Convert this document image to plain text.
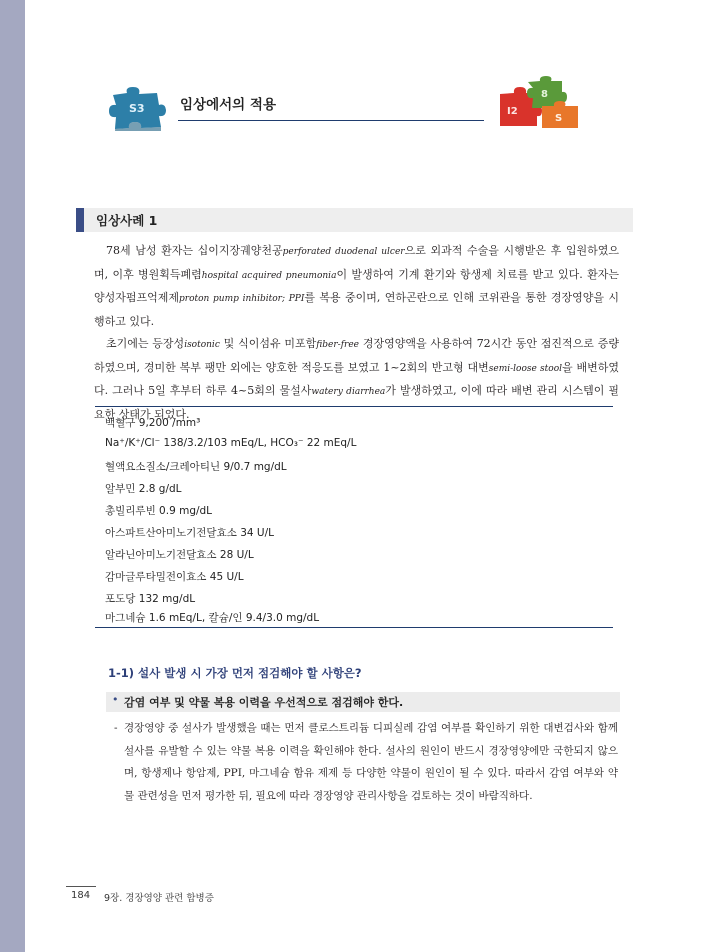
S3	임상에서의 적용	I2
8
S
임상사례 1

78세 남성 환자는 십이지장궤양천공perforated duodenal ulcer으로 외과적 수술을 시행받은 후 입원하였으며, 이후 병원획득폐렴hospital acquired pneumonia이 발생하여 기계 환기와 항생제 치료를 받고 있다. 환자는 양성자펌프억제제proton pump inhibitor; PPI를 복용 중이며, 연하곤란으로 인해 코위관을 통한 경장영양을 시행하고 있다.

초기에는 등장성isotonic 및 식이섬유 미포함fiber-free 경장영양액을 사용하여 72시간 동안 점진적으로 증량하였으며, 경미한 복부 팽만 외에는 양호한 적응도를 보였고 1~2회의 반고형 대변semi-loose stool을 배변하였다. 그러나 5일 후부터 하루 4~5회의 물설사watery diarrhea가 발생하였고, 이에 따라 배변 관리 시스템이 필요한 상태가 되었다.

백혈구 9,200 /mm³
Na⁺/K⁺/Cl⁻ 138/3.2/103 mEq/L, HCO₃⁻ 22 mEq/L
혈액요소질소/크레아티닌 9/0.7 mg/dL
알부민 2.8 g/dL
총빌리루빈 0.9 mg/dL
아스파트산아미노기전달효소 34 U/L
알라닌아미노기전달효소 28 U/L
감마글루타밀전이효소 45 U/L
포도당 132 mg/dL
마그네슘 1.6 mEq/L, 칼슘/인 9.4/3.0 mg/dL
1-1) 설사 발생 시 가장 먼저 점검해야 할 사항은?
• 감염 여부 및 약물 복용 이력을 우선적으로 점검해야 한다.
- 경장영양 중 설사가 발생했을 때는 먼저 클로스트리듐 디피실레 감염 여부를 확인하기 위한 대변검사와 함께 설사를 유발할 수 있는 약물 복용 이력을 확인해야 한다. 설사의 원인이 반드시 경장영양에만 국한되지 않으며, 항생제나 항암제, PPI, 마그네슘 함유 제제 등 다양한 약물이 원인이 될 수 있다. 따라서 감염 여부와 약물 관련성을 먼저 평가한 뒤, 필요에 따라 경장영양 관리사항을 검토하는 것이 바람직하다.
184 9장. 경장영양 관련 합병증
